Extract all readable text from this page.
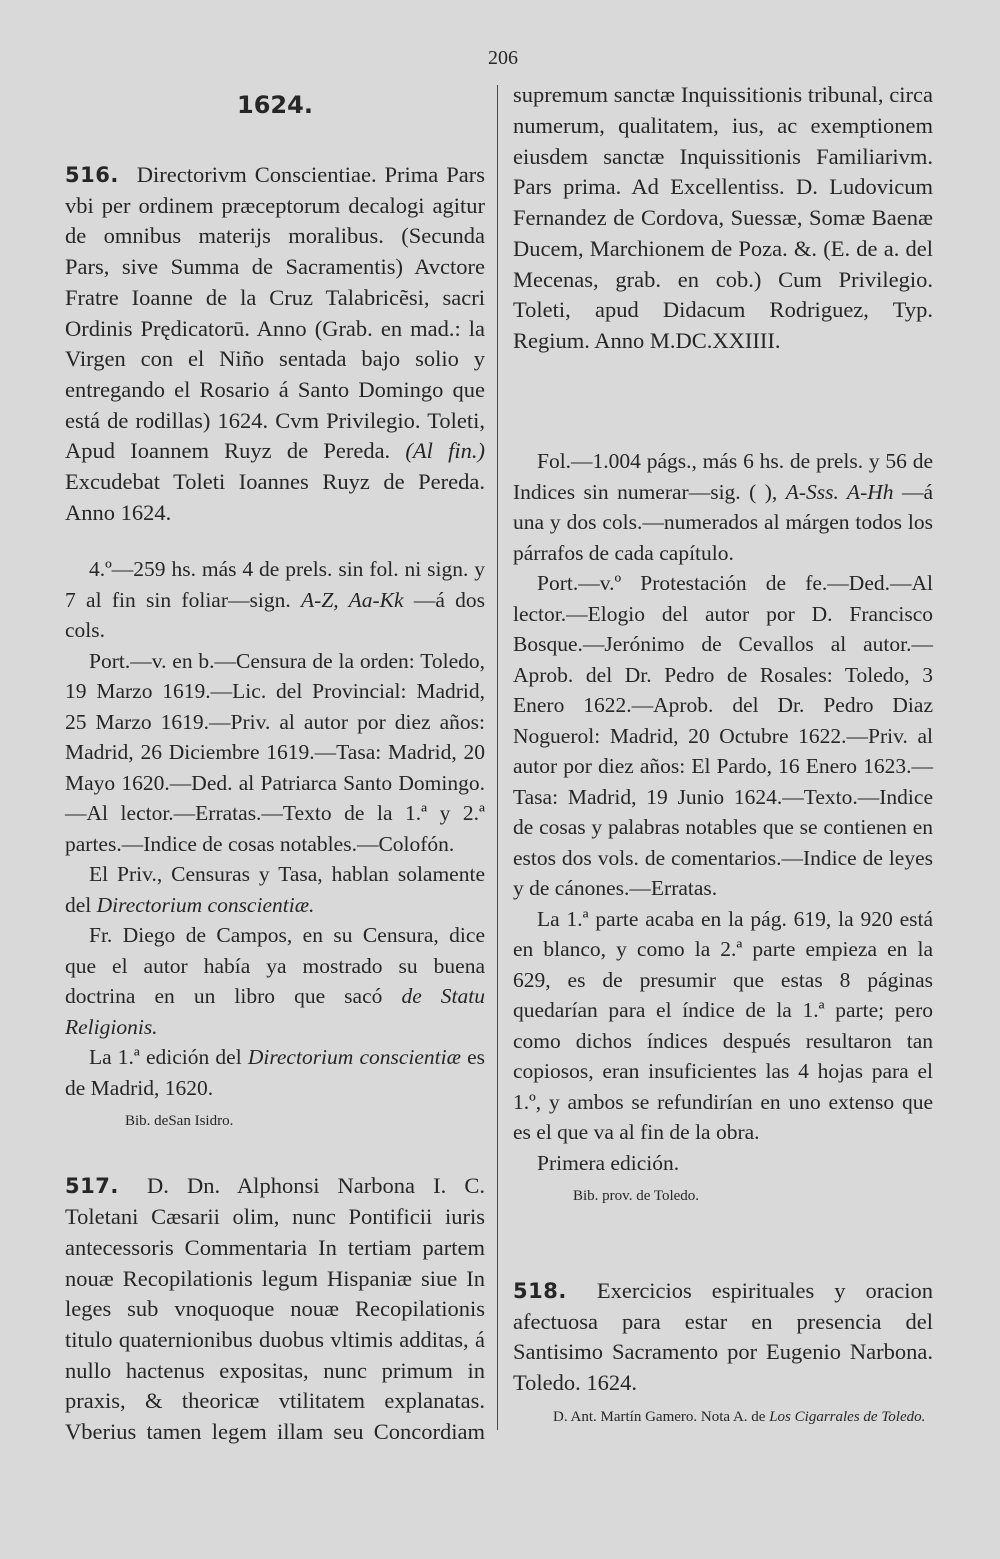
206
1624.

516. Directorivm Conscientiae. Prima Pars vbi per ordinem præceptorum decalogi agitur de omnibus materijs moralibus. (Secunda Pars, sive Summa de Sacramentis) Avctore Fratre Ioanne de la Cruz Talabricẽsi, sacri Ordinis Prędicatorū. Anno (Grab. en mad.: la Virgen con el Niño sentada bajo solio y entregando el Rosario á Santo Domingo que está de rodillas) 1624. Cvm Privilegio. Toleti, Apud Ioannem Ruyz de Pereda. (Al fin.) Excudebat Toleti Ioannes Ruyz de Pereda. Anno 1624.

4.º—259 hs. más 4 de prels. sin fol. ni sign. y 7 al fin sin foliar—sign. A-Z, Aa-Kk —á dos cols.

Port.—v. en b.—Censura de la orden: Toledo, 19 Marzo 1619.—Lic. del Provincial: Madrid, 25 Marzo 1619.—Priv. al autor por diez años: Madrid, 26 Diciembre 1619.—Tasa: Madrid, 20 Mayo 1620.—Ded. al Patriarca Santo Domingo.—Al lector.—Erratas.—Texto de la 1.ª y 2.ª partes.—Indice de cosas notables.—Colofón.

El Priv., Censuras y Tasa, hablan solamente del Directorium conscientiæ.

Fr. Diego de Campos, en su Censura, dice que el autor había ya mostrado su buena doctrina en un libro que sacó de Statu Religionis.

La 1.ª edición del Directorium conscientiæ es de Madrid, 1620.

Bib. deSan Isidro.

517. D. Dn. Alphonsi Narbona I. C. Toletani Cæsarii olim, nunc Pontificii iuris antecessoris Commentaria In tertiam partem nouæ Recopilationis legum Hispaniæ siue In leges sub vnoquoque nouæ Recopilationis titulo quaternionibus duobus vltimis additas, á nullo hactenus expositas, nunc primum in praxis, & theoricæ vtilitatem explanatas. Vberius tamen legem illam seu Concordiam

supremum sanctæ Inquissitionis tribunal, circa numerum, qualitatem, ius, ac exemptionem eiusdem sanctæ Inquissitionis Familiarivm. Pars prima. Ad Excellentiss. D. Ludovicum Fernandez de Cordova, Suessæ, Somæ Baenæ Ducem, Marchionem de Poza. &. (E. de a. del Mecenas, grab. en cob.) Cum Privilegio. Toleti, apud Didacum Rodriguez, Typ. Regium. Anno M.DC.XXIIII.

Fol.—1.004 págs., más 6 hs. de prels. y 56 de Indices sin numerar—sig. ( ), A-Sss. A-Hh —á una y dos cols.—numerados al márgen todos los párrafos de cada capítulo.

Port.—v.º Protestación de fe.—Ded.—Al lector.—Elogio del autor por D. Francisco Bosque.—Jerónimo de Cevallos al autor.—Aprob. del Dr. Pedro de Rosales: Toledo, 3 Enero 1622.—Aprob. del Dr. Pedro Diaz Noguerol: Madrid, 20 Octubre 1622.—Priv. al autor por diez años: El Pardo, 16 Enero 1623.—Tasa: Madrid, 19 Junio 1624.—Texto.—Indice de cosas y palabras notables que se contienen en estos dos vols. de comentarios.—Indice de leyes y de cánones.—Erratas.

La 1.ª parte acaba en la pág. 619, la 920 está en blanco, y como la 2.ª parte empieza en la 629, es de presumir que estas 8 páginas quedarían para el índice de la 1.ª parte; pero como dichos índices después resultaron tan copiosos, eran insuficientes las 4 hojas para el 1.º, y ambos se refundirían en uno extenso que es el que va al fin de la obra.

Primera edición.

Bib. prov. de Toledo.

518. Exercicios espirituales y oracion afectuosa para estar en presencia del Santisimo Sacramento por Eugenio Narbona. Toledo. 1624.

D. Ant. Martín Gamero. Nota A. de Los Cigarrales de Toledo.
